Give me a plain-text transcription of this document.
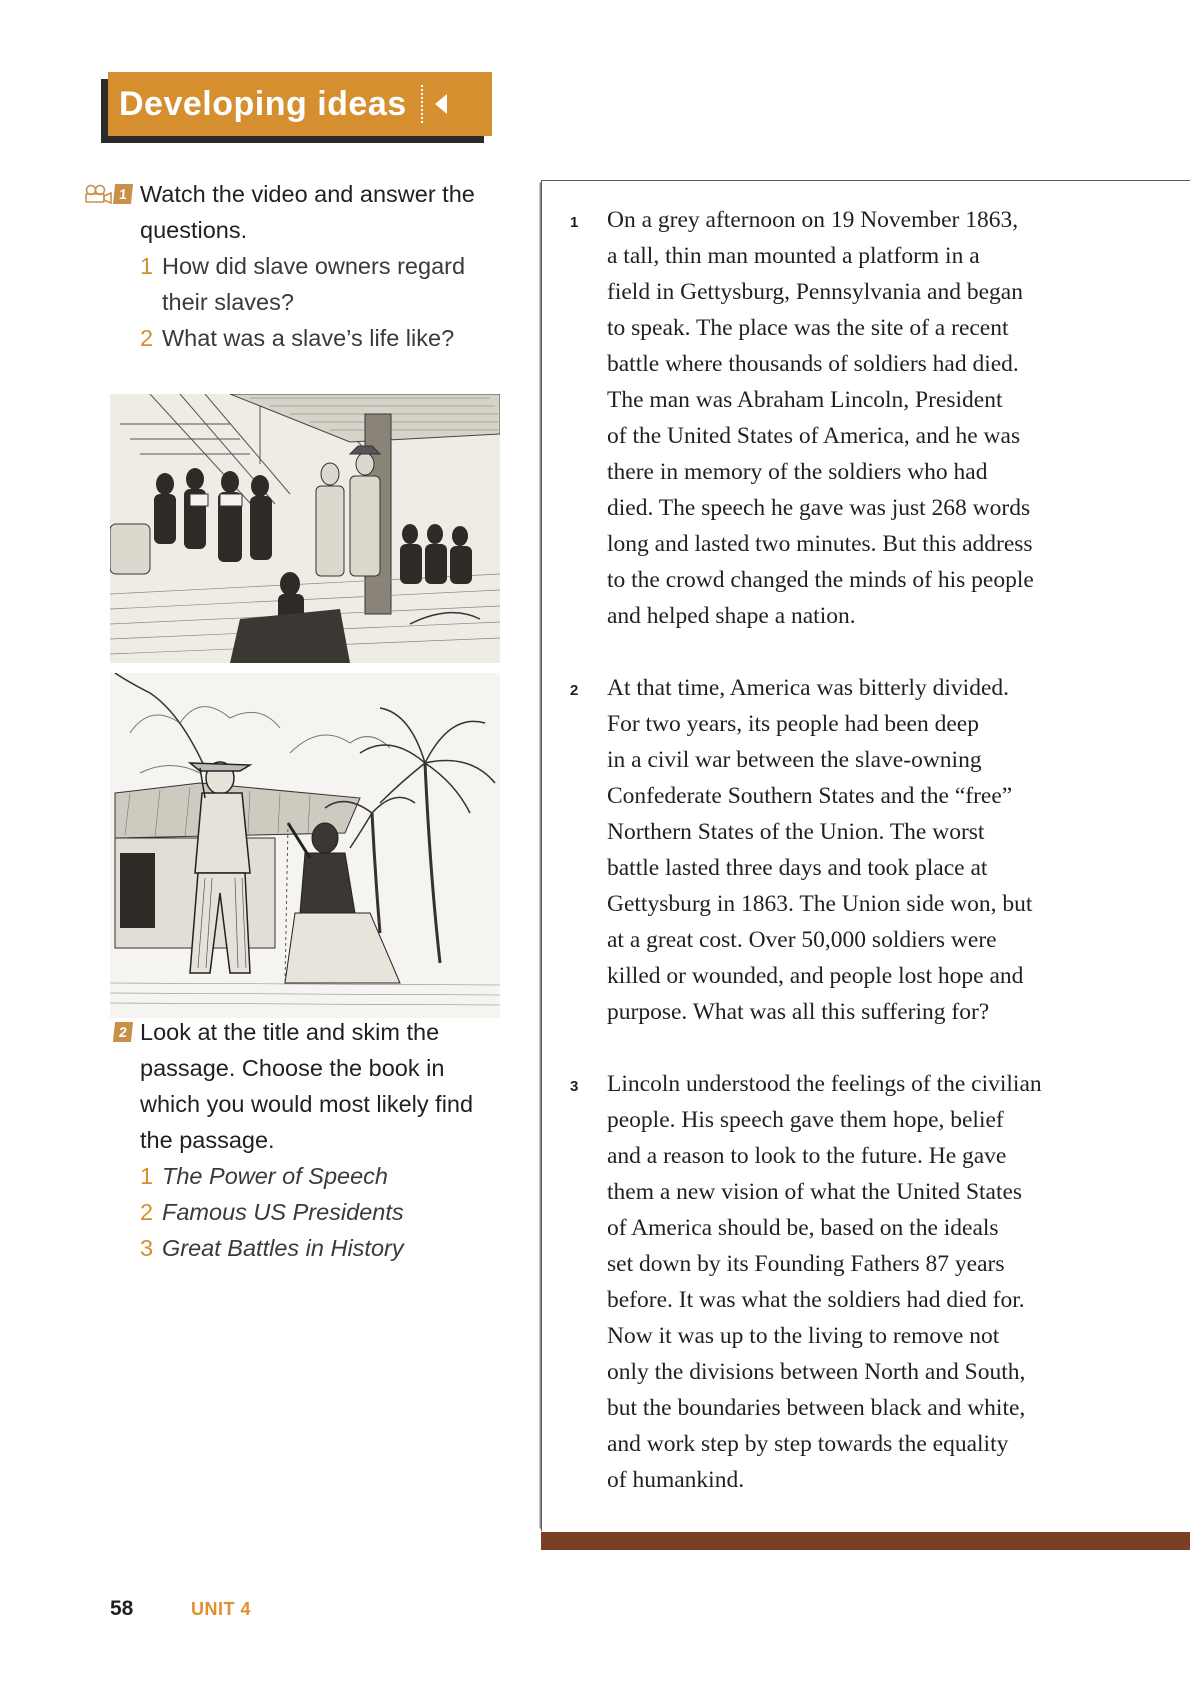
Developing ideas
1 Watch the video and answer the questions.
1 How did slave owners regard their slaves?
2 What was a slave’s life like?
2 Look at the title and skim the passage. Choose the book in which you would most likely find the passage.
1 The Power of Speech
2 Famous US Presidents
3 Great Battles in History
1 On a grey afternoon on 19 November 1863,
a tall, thin man mounted a platform in a
field in Gettysburg, Pennsylvania and began
to speak. The place was the site of a recent
battle where thousands of soldiers had died.
The man was Abraham Lincoln, President
of the United States of America, and he was
there in memory of the soldiers who had
died. The speech he gave was just 268 words
long and lasted two minutes. But this address
to the crowd changed the minds of his people
and helped shape a nation.
2 At that time, America was bitterly divided.
For two years, its people had been deep
in a civil war between the slave-owning
Confederate Southern States and the “free”
Northern States of the Union. The worst
battle lasted three days and took place at
Gettysburg in 1863. The Union side won, but
at a great cost. Over 50,000 soldiers were
killed or wounded, and people lost hope and
purpose. What was all this suffering for?
3 Lincoln understood the feelings of the civilian
people. His speech gave them hope, belief
and a reason to look to the future. He gave
them a new vision of what the United States
of America should be, based on the ideals
set down by its Founding Fathers 87 years
before. It was what the soldiers had died for.
Now it was up to the living to remove not
only the divisions between North and South,
but the boundaries between black and white,
and work step by step towards the equality
of humankind.
58	UNIT 4
